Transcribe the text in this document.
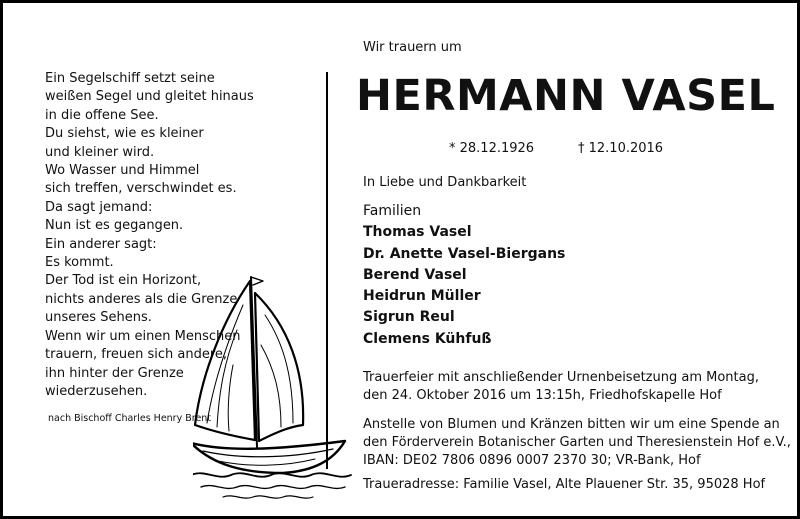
Ein Segelschiff setzt seine
weißen Segel und gleitet hinaus
in die offene See.
Du siehst, wie es kleiner
und kleiner wird.
Wo Wasser und Himmel
sich treffen, verschwindet es.
Da sagt jemand:
Nun ist es gegangen.
Ein anderer sagt:
Es kommt.
Der Tod ist ein Horizont,
nichts anderes als die Grenze
unseres Sehens.
Wenn wir um einen Menschen
trauern, freuen sich andere,
ihn hinter der Grenze
wiederzusehen.
nach Bischoff Charles Henry Brent
Wir trauern um
HERMANN VASEL
* 28.12.1926	† 12.10.2016
In Liebe und Dankbarkeit
Familien
Thomas Vasel
Dr. Anette Vasel-Biergans
Berend Vasel
Heidrun Müller
Sigrun Reul
Clemens Kühfuß
Trauerfeier mit anschließender Urnenbeisetzung am Montag,
den 24. Oktober 2016 um 13:15h, Friedhofskapelle Hof
Anstelle von Blumen und Kränzen bitten wir um eine Spende an
den Förderverein Botanischer Garten und Theresienstein Hof e.V.,
IBAN: DE02 7806 0896 0007 2370 30; VR-Bank, Hof
Traueradresse: Familie Vasel, Alte Plauener Str. 35, 95028 Hof
